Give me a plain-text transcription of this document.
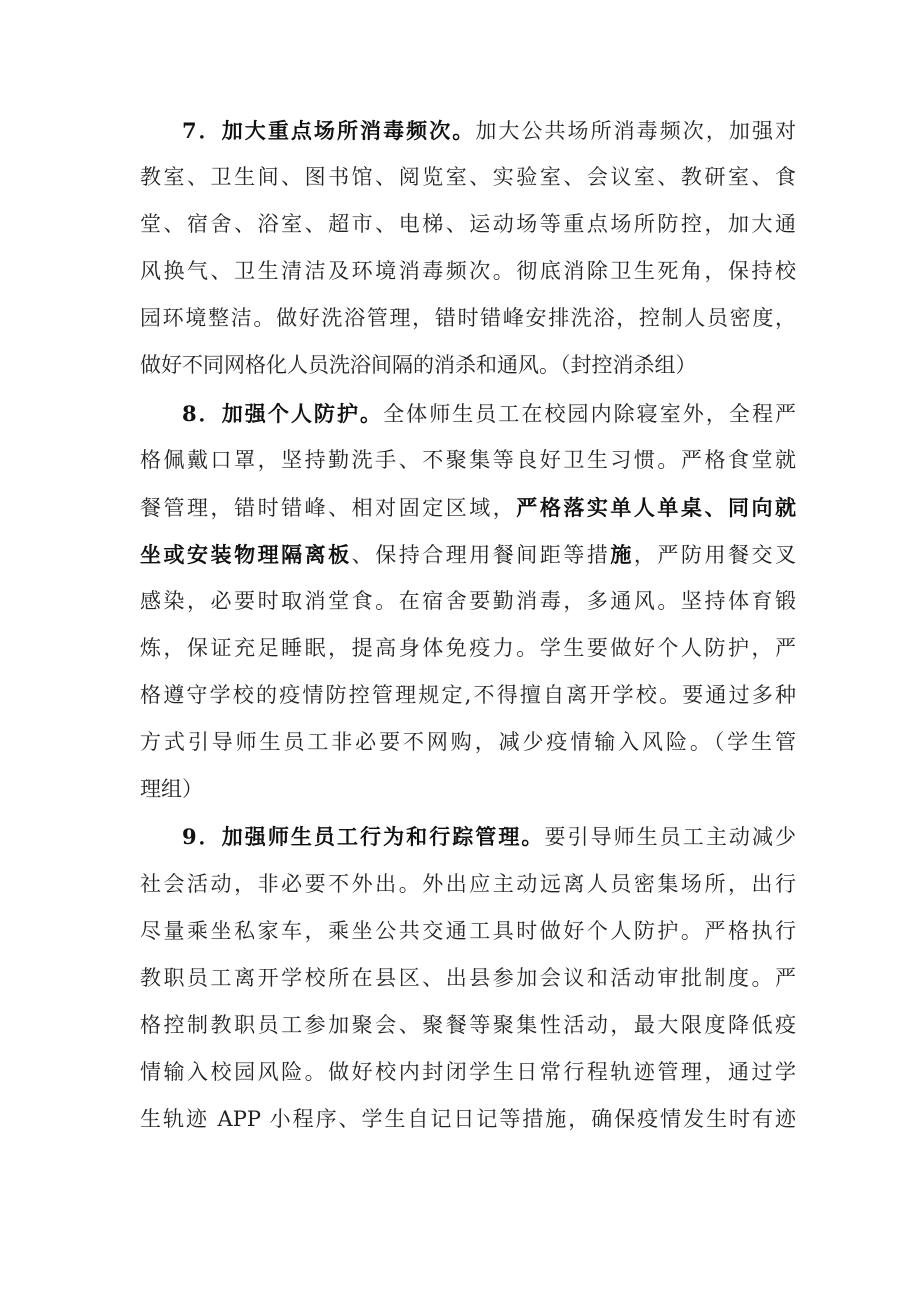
7．加大重点场所消毒频次。加大公共场所消毒频次，加强对
教室、卫生间、图书馆、阅览室、实验室、会议室、教研室、食
堂、宿舍、浴室、超市、电梯、运动场等重点场所防控，加大通
风换气、卫生清洁及环境消毒频次。彻底消除卫生死角，保持校
园环境整洁。做好洗浴管理，错时错峰安排洗浴，控制人员密度，
做好不同网格化人员洗浴间隔的消杀和通风。（封控消杀组）
8．加强个人防护。全体师生员工在校园内除寝室外，全程严
格佩戴口罩，坚持勤洗手、不聚集等良好卫生习惯。严格食堂就
餐管理，错时错峰、相对固定区域，严格落实单人单桌、同向就
坐或安装物理隔离板、保持合理用餐间距等措施，严防用餐交叉
感染，必要时取消堂食。在宿舍要勤消毒，多通风。坚持体育锻
炼，保证充足睡眠，提高身体免疫力。学生要做好个人防护，严
格遵守学校的疫情防控管理规定,不得擅自离开学校。要通过多种
方式引导师生员工非必要不网购，减少疫情输入风险。（学生管
理组）
9．加强师生员工行为和行踪管理。要引导师生员工主动减少
社会活动，非必要不外出。外出应主动远离人员密集场所，出行
尽量乘坐私家车，乘坐公共交通工具时做好个人防护。严格执行
教职员工离开学校所在县区、出县参加会议和活动审批制度。严
格控制教职员工参加聚会、聚餐等聚集性活动，最大限度降低疫
情输入校园风险。做好校内封闭学生日常行程轨迹管理，通过学
生轨迹 APP 小程序、学生自记日记等措施，确保疫情发生时有迹
